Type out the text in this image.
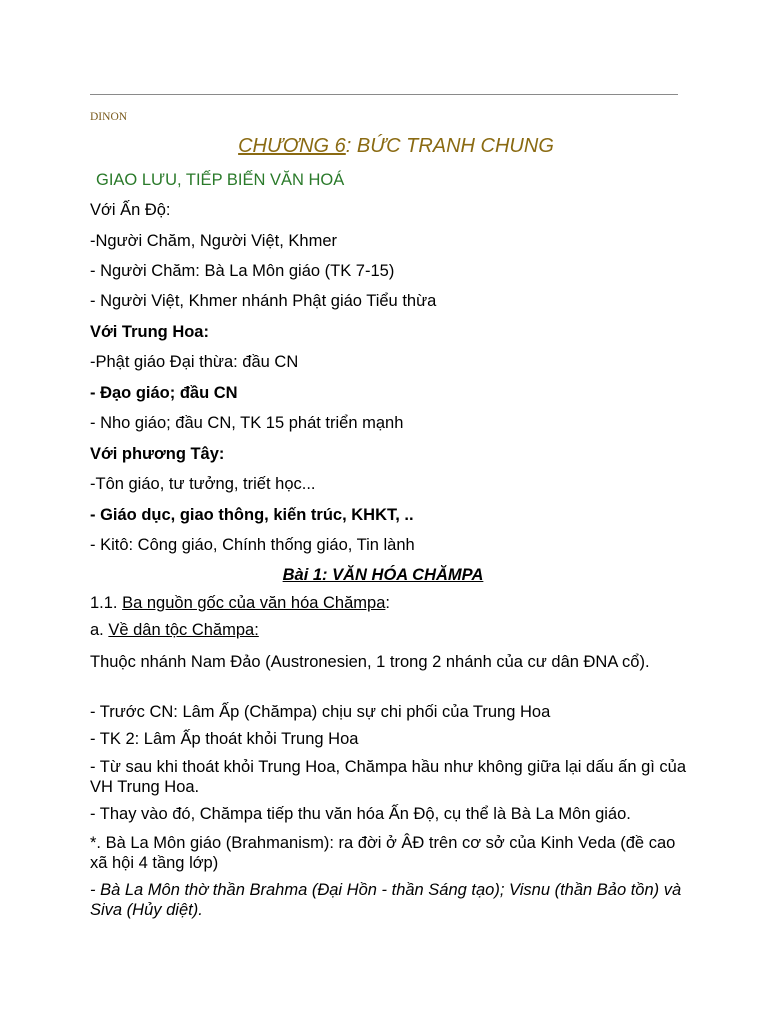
DINON
CHƯƠNG 6: BỨC TRANH CHUNG
GIAO LƯU, TIẾP BIẾN VĂN HOÁ
Với Ấn Độ:
-Người Chăm, Người Việt, Khmer
- Người Chăm: Bà La Môn giáo (TK 7-15)
- Người Việt, Khmer nhánh Phật giáo Tiểu thừa
Với Trung Hoa:
-Phật giáo Đại thừa: đầu CN
- Đạo giáo; đầu CN
- Nho giáo; đầu CN, TK 15 phát triển mạnh
Với phương Tây:
-Tôn giáo, tư tưởng, triết học...
- Giáo dục, giao thông, kiến trúc, KHKT, ..
- Kitô: Công giáo, Chính thống giáo, Tin lành
Bài 1: VĂN HÓA CHĂMPA
1.1. Ba nguồn gốc của văn hóa Chămpa:
a. Về dân tộc Chămpa:
Thuộc nhánh Nam Đảo (Austronesien, 1 trong 2 nhánh của cư dân ĐNA cổ).
- Trước CN: Lâm Ấp (Chămpa) chịu sự chi phối của Trung Hoa
- TK 2: Lâm Ấp thoát khỏi Trung Hoa
- Từ sau khi thoát khỏi Trung Hoa, Chămpa hầu như không giữa lại dấu ấn gì của VH Trung Hoa.
- Thay vào đó, Chămpa tiếp thu văn hóa Ấn Độ, cụ thể là Bà La Môn giáo.
*. Bà La Môn giáo (Brahmanism): ra đời ở ÂĐ trên cơ sở của Kinh Veda (đề cao xã hội 4 tầng lớp)
- Bà La Môn thờ thần Brahma (Đại Hồn - thần Sáng tạo); Visnu (thần Bảo tồn) và Siva (Hủy diệt).
